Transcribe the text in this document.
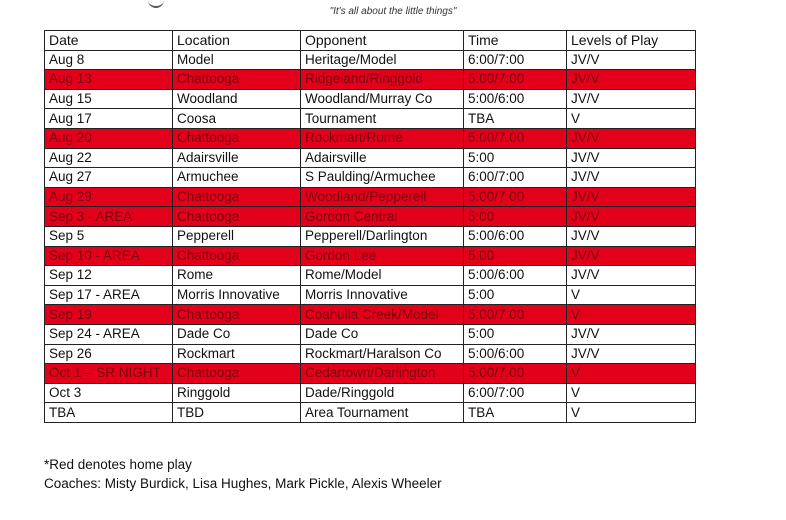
"It's all about the little things"
Date	Location	Opponent	Time	Levels of Play
Aug 8	Model	Heritage/Model	6:00/7:00	JV/V
Aug 13	Chattooga	Ridgeland/Ringgold	5:00/7:00	JV/V
Aug 15	Woodland	Woodland/Murray Co	5:00/6:00	JV/V
Aug 17	Coosa	Tournament	TBA	V
Aug 20	Chattooga	Rockmart/Rome	5:00/7:00	JV/V
Aug 22	Adairsville	Adairsville	5:00	JV/V
Aug 27	Armuchee	S Paulding/Armuchee	6:00/7:00	JV/V
Aug 29	Chattooga	Woodland/Pepperell	5:00/7:00	JV/V
Sep 3 - AREA	Chattooga	Gordon Central	5:00	JV/V
Sep 5	Pepperell	Pepperell/Darlington	5:00/6:00	JV/V
Sep 10 - AREA	Chattooga	Gordon Lee	5:00	JV/V
Sep 12	Rome	Rome/Model	5:00/6:00	JV/V
Sep 17 - AREA	Morris Innovative	Morris Innovative	5:00	V
Sep 19	Chattooga	Coahulla Creek/Model	5:00/7:00	V
Sep 24 - AREA	Dade Co	Dade Co	5:00	JV/V
Sep 26	Rockmart	Rockmart/Haralson Co	5:00/6:00	JV/V
Oct 1 – SR NIGHT	Chattooga	Cedartown/Darlington	5:00/7:00	V
Oct 3	Ringgold	Dade/Ringgold	6:00/7:00	V
TBA	TBD	Area Tournament	TBA	V
*Red denotes home play
Coaches: Misty Burdick, Lisa Hughes, Mark Pickle, Alexis Wheeler
